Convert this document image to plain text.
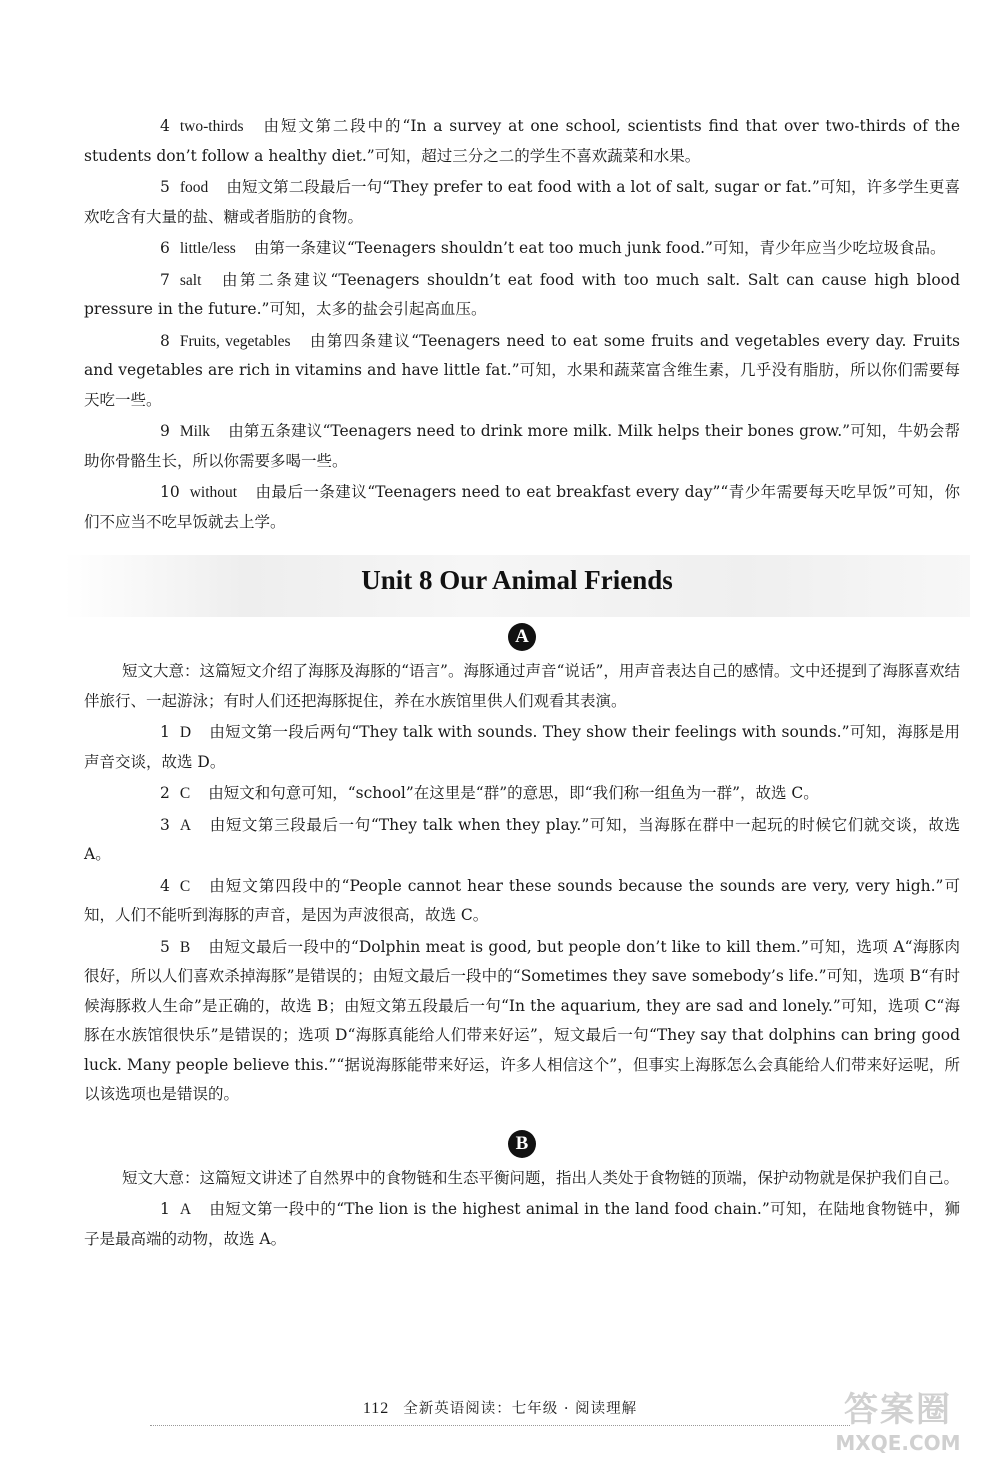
4 two-thirds 由短文第二段中的“In a survey at one school, scientists find that over two-thirds of the students don’t follow a healthy diet.”可知，超过三分之二的学生不喜欢蔬菜和水果。

5 food 由短文第二段最后一句“They prefer to eat food with a lot of salt, sugar or fat.”可知，许多学生更喜欢吃含有大量的盐、糖或者脂肪的食物。

6 little/less 由第一条建议“Teenagers shouldn’t eat too much junk food.”可知，青少年应当少吃垃圾食品。

7 salt 由第二条建议“Teenagers shouldn’t eat food with too much salt. Salt can cause high blood pressure in the future.”可知，太多的盐会引起高血压。

8 Fruits, vegetables 由第四条建议“Teenagers need to eat some fruits and vegetables every day. Fruits and vegetables are rich in vitamins and have little fat.”可知，水果和蔬菜富含维生素，几乎没有脂肪，所以你们需要每天吃一些。

9 Milk 由第五条建议“Teenagers need to drink more milk. Milk helps their bones grow.”可知，牛奶会帮助你骨骼生长，所以你需要多喝一些。

10 without 由最后一条建议“Teenagers need to eat breakfast every day”“青少年需要每天吃早饭”可知，你们不应当不吃早饭就去上学。

Unit 8 Our Animal Friends
A

短文大意：这篇短文介绍了海豚及海豚的“语言”。海豚通过声音“说话”，用声音表达自己的感情。文中还提到了海豚喜欢结伴旅行、一起游泳；有时人们还把海豚捉住，养在水族馆里供人们观看其表演。

1 D 由短文第一段后两句“They talk with sounds. They show their feelings with sounds.”可知，海豚是用声音交谈，故选 D。

2 C 由短文和句意可知，“school”在这里是“群”的意思，即“我们称一组鱼为一群”，故选 C。

3 A 由短文第三段最后一句“They talk when they play.”可知，当海豚在群中一起玩的时候它们就交谈，故选 A。

4 C 由短文第四段中的“People cannot hear these sounds because the sounds are very, very high.”可知，人们不能听到海豚的声音，是因为声波很高，故选 C。

5 B 由短文最后一段中的“Dolphin meat is good, but people don’t like to kill them.”可知，选项 A“海豚肉很好，所以人们喜欢杀掉海豚”是错误的；由短文最后一段中的“Sometimes they save somebody’s life.”可知，选项 B“有时候海豚救人生命”是正确的，故选 B；由短文第五段最后一句“In the aquarium, they are sad and lonely.”可知，选项 C“海豚在水族馆很快乐”是错误的；选项 D“海豚真能给人们带来好运”，短文最后一句“They say that dolphins can bring good luck. Many people believe this.”“据说海豚能带来好运，许多人相信这个”，但事实上海豚怎么会真能给人们带来好运呢，所以该选项也是错误的。

B

短文大意：这篇短文讲述了自然界中的食物链和生态平衡问题，指出人类处于食物链的顶端，保护动物就是保护我们自己。

1 A 由短文第一段中的“The lion is the highest animal in the land food chain.”可知，在陆地食物链中，狮子是最高端的动物，故选 A。

112 全新英语阅读：七年级 · 阅读理解	答案圈
MXQE.COM
